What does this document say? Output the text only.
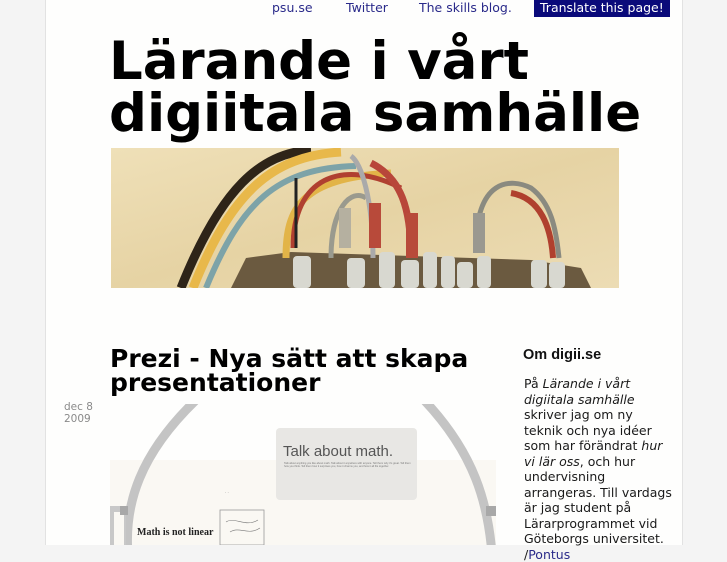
psu.se	Twitter The skills blog.	Translate this page!
Lärande i vårt
digiitala samhälle
Prezi - Nya sätt att skapa presentationer
dec 8
2009
· ·
Talk about math.
Talk about anything you like about math. Talk about it anywhere with anyone. Tell them why it's great. Tell them how you think. Tell them how it surprises you, how it charms you, and how it all fits together.
Math is not linear
Om digii.se
På Lärande i vårt digiitala samhälle skriver jag om ny teknik och nya idéer som har förändrat hur vi lär oss, och hur undervisning arrangeras. Till vardags är jag student på Lärarprogrammet vid Göteborgs universitet. /Pontus
